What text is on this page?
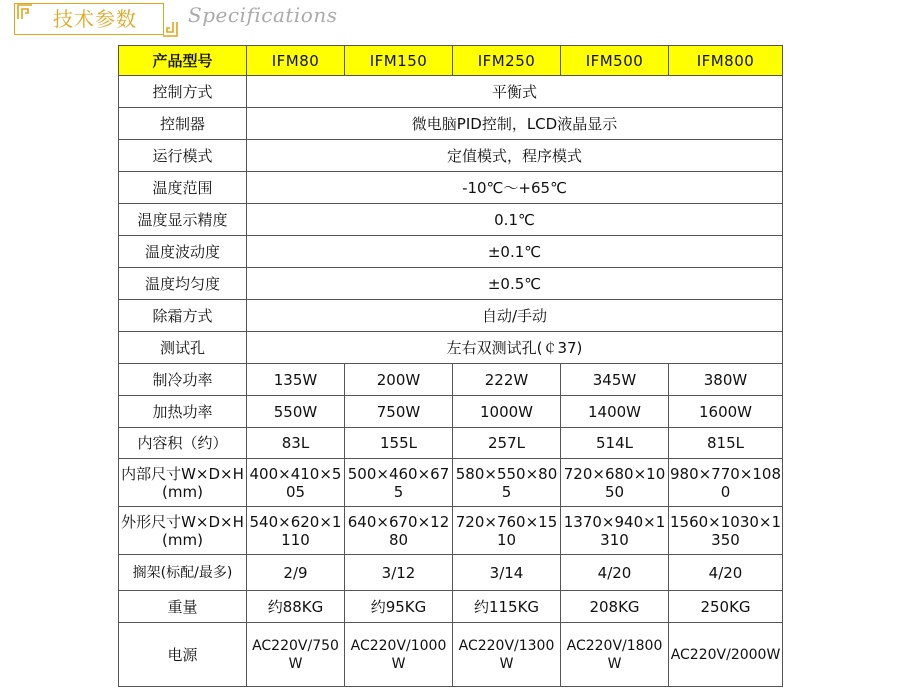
技术参数	Specifications
产品型号	IFM80	IFM150	IFM250	IFM500	IFM800
控制方式	平衡式				
控制器	微电脑PID控制，LCD液晶显示				
运行模式	定值模式，程序模式				
温度范围	-10℃～+65℃				
温度显示精度	0.1℃				
温度波动度	±0.1℃				
温度均匀度	±0.5℃				
除霜方式	自动/手动				
测试孔	左右双测试孔(￠37)				
制冷功率	135W	200W	222W	345W	380W
加热功率	550W	750W	1000W	1400W	1600W
内容积（约）	83L	155L	257L	514L	815L
内部尺寸W×D×H(mm)	400×410×505	500×460×675	580×550×805	720×680×1050	980×770×1080
外形尺寸W×D×H(mm)	540×620×1110	640×670×1280	720×760×1510	1370×940×1310	1560×1030×1350
搁架(标配/最多)	2/9	3/12	3/14	4/20	4/20
重量	约88KG	约95KG	约115KG	208KG	250KG
电源	AC220V/750W	AC220V/1000W	AC220V/1300W	AC220V/1800W	AC220V/2000W
